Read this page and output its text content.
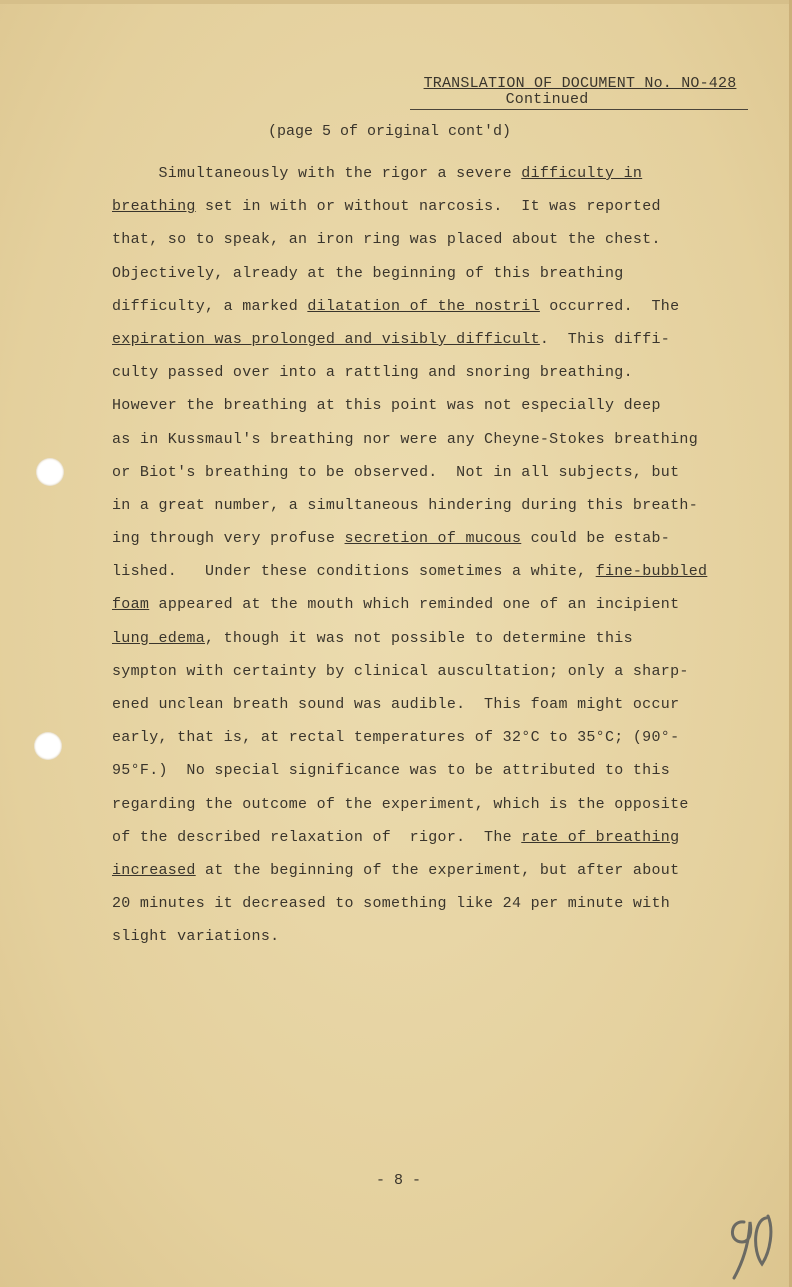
TRANSLATION OF DOCUMENT No. NO-428
Continued
(page 5 of original cont'd)
Simultaneously with the rigor a severe difficulty in
breathing set in with or without narcosis.  It was reported
that, so to speak, an iron ring was placed about the chest.
Objectively, already at the beginning of this breathing
difficulty, a marked dilatation of the nostril occurred.  The
expiration was prolonged and visibly difficult.  This diffi-
culty passed over into a rattling and snoring breathing.
However the breathing at this point was not especially deep
as in Kussmaul's breathing nor were any Cheyne-Stokes breathing
or Biot's breathing to be observed.  Not in all subjects, but
in a great number, a simultaneous hindering during this breath-
ing through very profuse secretion of mucous could be estab-
lished.   Under these conditions sometimes a white, fine-bubbled
foam appeared at the mouth which reminded one of an incipient
lung edema, though it was not possible to determine this
sympton with certainty by clinical auscultation; only a sharp-
ened unclean breath sound was audible.  This foam might occur
early, that is, at rectal temperatures of 32°C to 35°C; (90°-
95°F.)  No special significance was to be attributed to this
regarding the outcome of the experiment, which is the opposite
of the described relaxation of  rigor.  The rate of breathing
increased at the beginning of the experiment, but after about
20 minutes it decreased to something like 24 per minute with
slight variations.
- 8 -
